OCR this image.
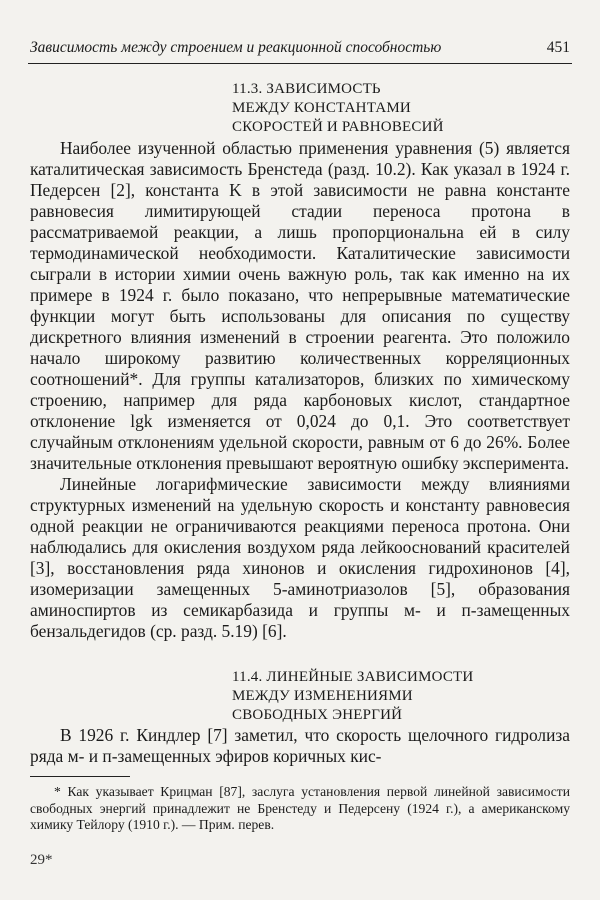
Зависимость между строением и реакционной способностью	451
11.3. ЗАВИСИМОСТЬ
МЕЖДУ КОНСТАНТАМИ
СКОРОСТЕЙ И РАВНОВЕСИЙ

Наиболее изученной областью применения уравнения (5) является каталитическая зависимость Бренстеда (разд. 10.2). Как указал в 1924 г. Педерсен [2], константа K в этой зависимости не равна константе равновесия лимитирующей стадии переноса протона в рассматриваемой реакции, а лишь пропорциональна ей в силу термодинамической необходимости. Каталитические зависимости сыграли в истории химии очень важную роль, так как именно на их примере в 1924 г. было показано, что непрерывные математические функции могут быть использованы для описания по существу дискретного влияния изменений в строении реагента. Это положило начало широкому развитию количественных корреляционных соотношений*. Для группы катализаторов, близких по химическому строению, например для ряда карбоновых кислот, стандартное отклонение lgk изменяется от 0,024 до 0,1. Это соответствует случайным отклонениям удельной скорости, равным от 6 до 26%. Более значительные отклонения превышают вероятную ошибку эксперимента.

Линейные логарифмические зависимости между влияниями структурных изменений на удельную скорость и константу равновесия одной реакции не ограничиваются реакциями переноса протона. Они наблюдались для окисления воздухом ряда лейкооснований красителей [3], восстановления ряда хинонов и окисления гидрохинонов [4], изомеризации замещенных 5-аминотриазолов [5], образования аминоспиртов из семикарбазида и группы м- и п-замещенных бензальдегидов (ср. разд. 5.19) [6].

11.4. ЛИНЕЙНЫЕ ЗАВИСИМОСТИ
МЕЖДУ ИЗМЕНЕНИЯМИ
СВОБОДНЫХ ЭНЕРГИЙ

В 1926 г. Киндлер [7] заметил, что скорость щелочного гидролиза ряда м- и п-замещенных эфиров коричных кис-

* Как указывает Крицман [87], заслуга установления первой линейной зависимости свободных энергий принадлежит не Бренстеду и Педерсену (1924 г.), а американскому химику Тейлору (1910 г.). — Прим. перев.

29*
